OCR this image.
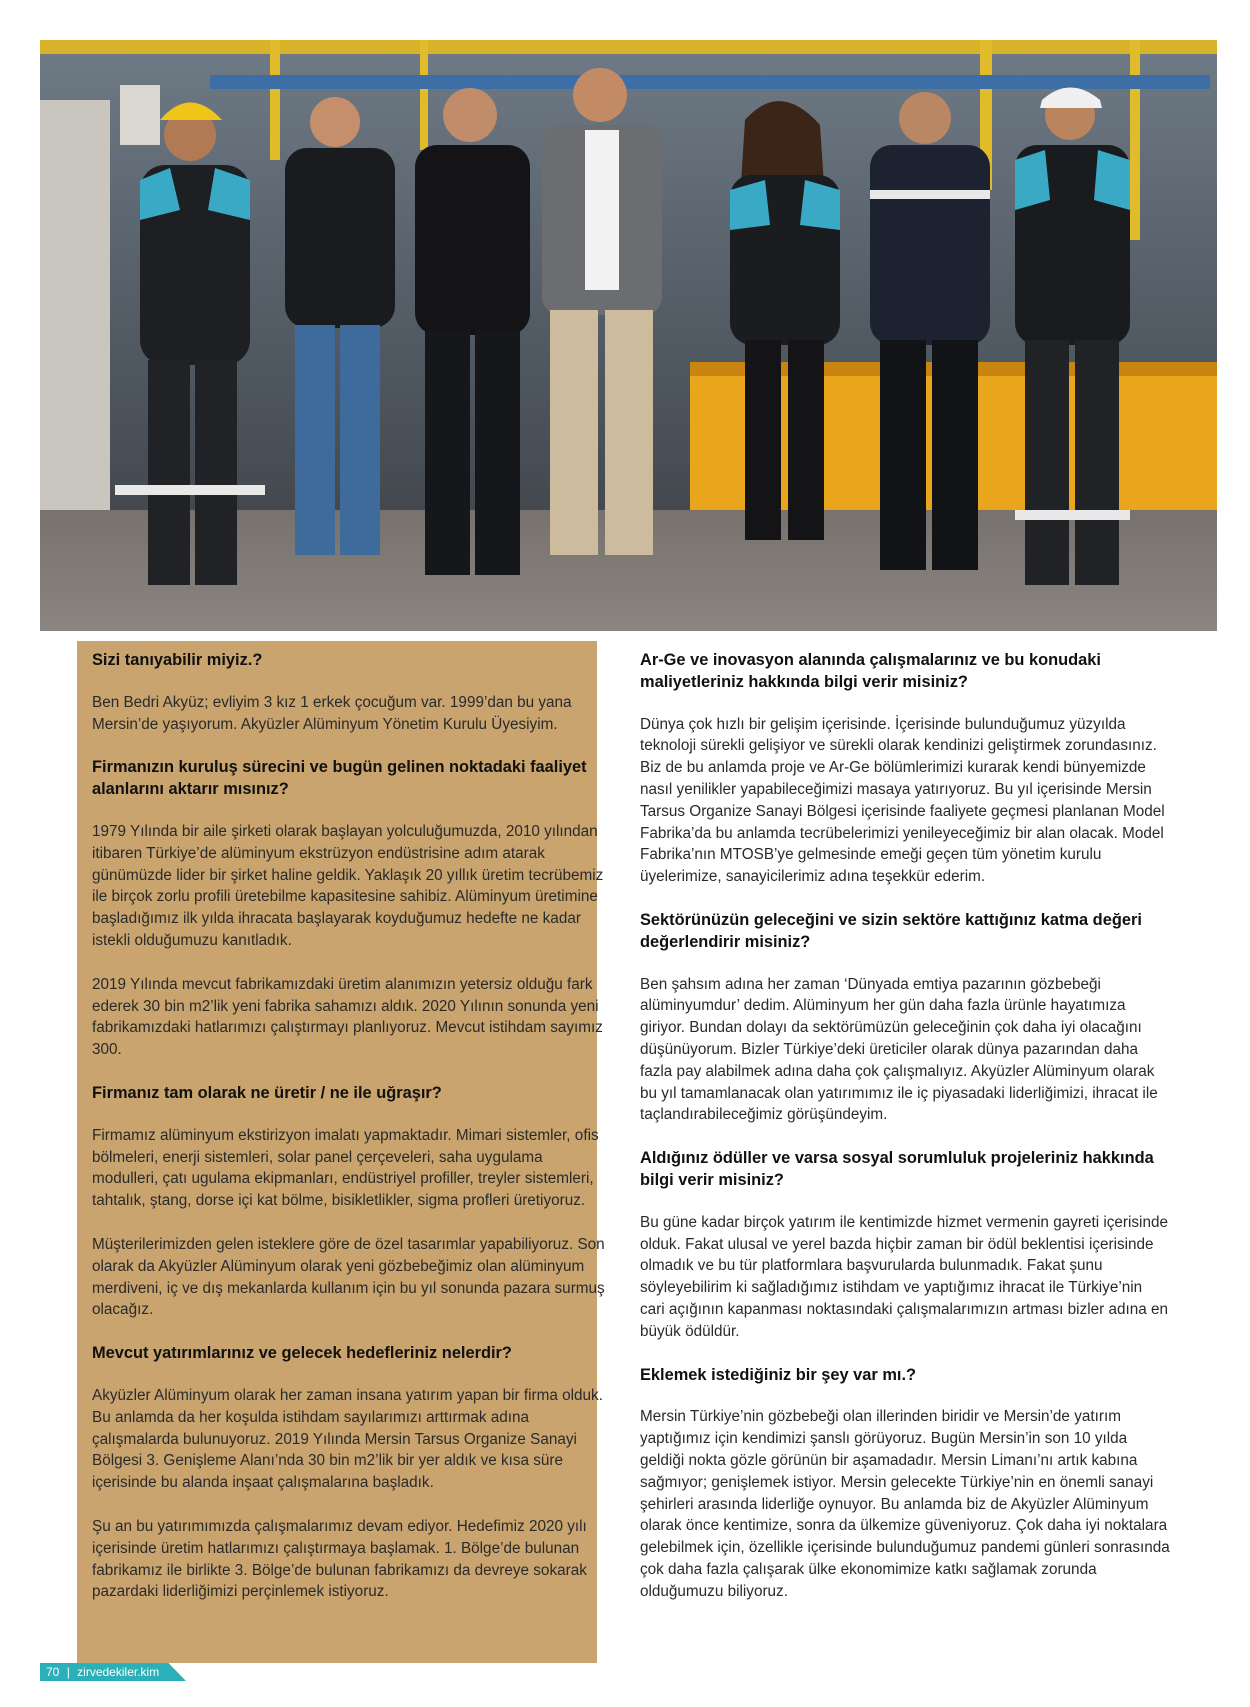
Sizi tanıyabilir miyiz.?

Ben Bedri Akyüz; evliyim 3 kız 1 erkek çocuğum var. 1999’dan bu yana Mersin’de yaşıyorum. Akyüzler Alüminyum Yönetim Kurulu Üyesiyim.

Firmanızın kuruluş sürecini ve bugün gelinen noktadaki faaliyet alanlarını aktarır mısınız?

1979 Yılında bir aile şirketi olarak başlayan yolculuğumuzda, 2010 yılından itibaren Türkiye’de alüminyum ekstrüzyon endüstrisine adım atarak günümüzde lider bir şirket haline geldik. Yaklaşık 20 yıllık üretim tecrübemiz ile birçok zorlu profili üretebilme kapasitesine sahibiz. Alüminyum üretimine başladığımız ilk yılda ihracata başlayarak koyduğumuz hedefte ne kadar istekli olduğumuzu kanıtladık.

2019 Yılında mevcut fabrikamızdaki üretim alanımızın yetersiz olduğu fark ederek 30 bin m2’lik yeni fabrika sahamızı aldık. 2020 Yılının sonunda yeni fabrikamızdaki hatlarımızı çalıştırmayı planlıyoruz. Mevcut istihdam sayımız 300.

Firmanız tam olarak ne üretir / ne ile uğraşır?

Firmamız alüminyum ekstirizyon imalatı yapmaktadır. Mimari sistemler, ofis bölmeleri, enerji sistemleri, solar panel çerçeveleri, saha uygulama modulleri, çatı ugulama ekipmanları, endüstriyel profiller, treyler sistemleri, tahtalık, ştang, dorse içi kat bölme, bisikletlikler, sigma profleri üretiyoruz.

Müşterilerimizden gelen isteklere göre de özel tasarımlar yapabiliyoruz. Son olarak da Akyüzler Alüminyum olarak yeni gözbebeğimiz olan alüminyum merdiveni, iç ve dış mekanlarda kullanım için bu yıl sonunda pazara surmuş olacağız.

Mevcut yatırımlarınız ve gelecek hedefleriniz nelerdir?

Akyüzler Alüminyum olarak her zaman insana yatırım yapan bir firma olduk. Bu anlamda da her koşulda istihdam sayılarımızı arttırmak adına çalışmalarda bulunuyoruz. 2019 Yılında Mersin Tarsus Organize Sanayi Bölgesi 3. Genişleme Alanı’nda 30 bin m2’lik bir yer aldık ve kısa süre içerisinde bu alanda inşaat çalışmalarına başladık.

Şu an bu yatırımımızda çalışmalarımız devam ediyor. Hedefimiz 2020 yılı içerisinde üretim hatlarımızı çalıştırmaya başlamak. 1. Bölge’de bulunan fabrikamız ile birlikte 3. Bölge’de bulunan fabrikamızı da devreye sokarak pazardaki liderliğimizi perçinlemek istiyoruz.

Ar-Ge ve inovasyon alanında çalışmalarınız ve bu konudaki maliyetleriniz hakkında bilgi verir misiniz?

Dünya çok hızlı bir gelişim içerisinde. İçerisinde bulunduğumuz yüzyılda teknoloji sürekli gelişiyor ve sürekli olarak kendinizi geliştirmek zorundasınız. Biz de bu anlamda proje ve Ar-Ge bölümlerimizi kurarak kendi bünyemizde nasıl yenilikler yapabileceğimizi masaya yatırıyoruz. Bu yıl içerisinde Mersin Tarsus Organize Sanayi Bölgesi içerisinde faaliyete geçmesi planlanan Model Fabrika’da bu anlamda tecrübelerimizi yenileyeceğimiz bir alan olacak. Model Fabrika’nın MTOSB’ye gelmesinde emeği geçen tüm yönetim kurulu üyelerimize, sanayicilerimiz adına teşekkür ederim.

Sektörünüzün geleceğini ve sizin sektöre kattığınız katma değeri değerlendirir misiniz?

Ben şahsım adına her zaman ‘Dünyada emtiya pazarının gözbebeği alüminyumdur’ dedim. Alüminyum her gün daha fazla ürünle hayatımıza giriyor. Bundan dolayı da sektörümüzün geleceğinin çok daha iyi olacağını düşünüyorum. Bizler Türkiye’deki üreticiler olarak dünya pazarından daha fazla pay alabilmek adına daha çok çalışmalıyız. Akyüzler Alüminyum olarak bu yıl tamamlanacak olan yatırımımız ile iç piyasadaki liderliğimizi, ihracat ile taçlandırabileceğimiz görüşündeyim.

Aldığınız ödüller ve varsa sosyal sorumluluk projeleriniz hakkında bilgi verir misiniz?

Bu güne kadar birçok yatırım ile kentimizde hizmet vermenin gayreti içerisinde olduk. Fakat ulusal ve yerel bazda hiçbir zaman bir ödül beklentisi içerisinde olmadık ve bu tür platformlara başvurularda bulunmadık. Fakat şunu söyleyebilirim ki sağladığımız istihdam ve yaptığımız ihracat ile Türkiye’nin cari açığının kapanması noktasındaki çalışmalarımızın artması bizler adına en büyük ödüldür.

Eklemek istediğiniz bir şey var mı.?

Mersin Türkiye’nin gözbebeği olan illerinden biridir ve Mersin’de yatırım yaptığımız için kendimizi şanslı görüyoruz. Bugün Mersin’in son 10 yılda geldiği nokta gözle görünün bir aşamadadır. Mersin Limanı’nı artık kabına sağmıyor; genişlemek istiyor. Mersin gelecekte Türkiye’nin en önemli sanayi şehirleri arasında liderliğe oynuyor. Bu anlamda biz de Akyüzler Alüminyum olarak önce kentimize, sonra da ülkemize güveniyoruz. Çok daha iyi noktalara gelebilmek için, özellikle içerisinde bulunduğumuz pandemi günleri sonrasında çok daha fazla çalışarak ülke ekonomimize katkı sağlamak zorunda olduğumuzu biliyoruz.

70 | zirvedekiler.kim
